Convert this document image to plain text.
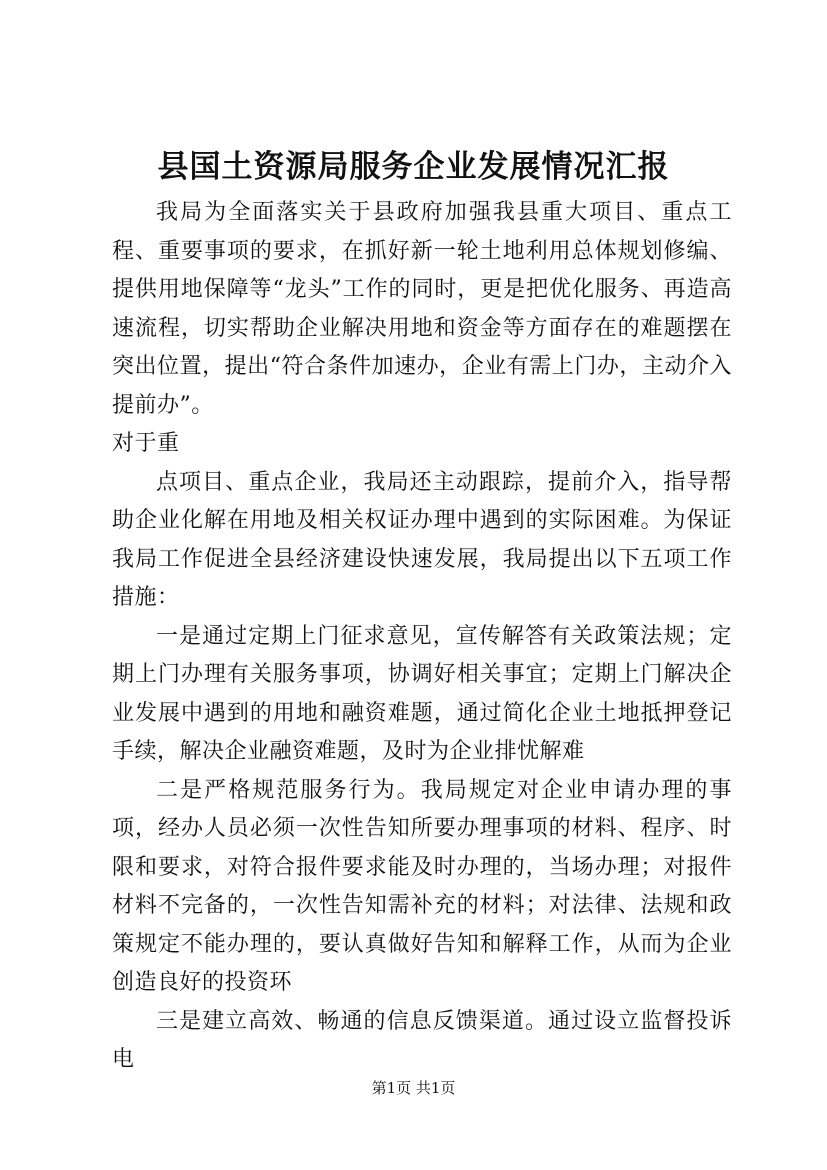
县国土资源局服务企业发展情况汇报

我局为全面落实关于县政府加强我县重大项目、重点工程、重要事项的要求，在抓好新一轮土地利用总体规划修编、提供用地保障等“龙头”工作的同时，更是把优化服务、再造高速流程，切实帮助企业解决用地和资金等方面存在的难题摆在突出位置，提出“符合条件加速办，企业有需上门办，主动介入提前办”。

对于重

点项目、重点企业，我局还主动跟踪，提前介入，指导帮助企业化解在用地及相关权证办理中遇到的实际困难。为保证我局工作促进全县经济建设快速发展，我局提出以下五项工作措施：

一是通过定期上门征求意见，宣传解答有关政策法规；定期上门办理有关服务事项，协调好相关事宜；定期上门解决企业发展中遇到的用地和融资难题，通过简化企业土地抵押登记手续，解决企业融资难题，及时为企业排忧解难

二是严格规范服务行为。我局规定对企业申请办理的事项，经办人员必须一次性告知所要办理事项的材料、程序、时限和要求，对符合报件要求能及时办理的，当场办理；对报件材料不完备的，一次性告知需补充的材料；对法律、法规和政策规定不能办理的，要认真做好告知和解释工作，从而为企业创造良好的投资环

三是建立高效、畅通的信息反馈渠道。通过设立监督投诉电

第1页 共1页
